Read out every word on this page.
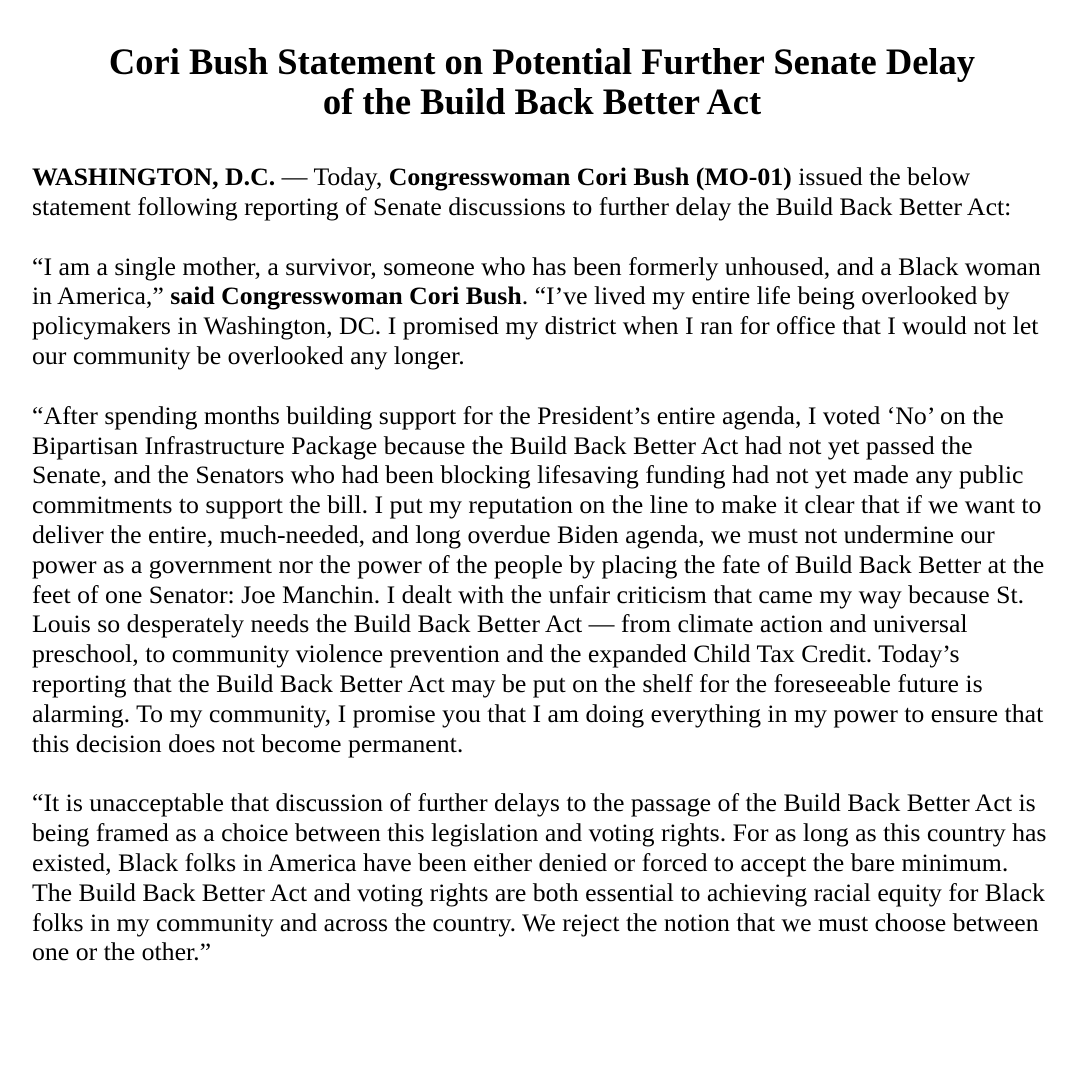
Cori Bush Statement on Potential Further Senate Delay
of the Build Back Better Act

WASHINGTON, D.C. — Today, Congresswoman Cori Bush (MO-01) issued the below statement following reporting of Senate discussions to further delay the Build Back Better Act:

“I am a single mother, a survivor, someone who has been formerly unhoused, and a Black woman in America,” said Congresswoman Cori Bush. “I’ve lived my entire life being overlooked by policymakers in Washington, DC. I promised my district when I ran for office that I would not let our community be overlooked any longer.

“After spending months building support for the President’s entire agenda, I voted ‘No’ on the Bipartisan Infrastructure Package because the Build Back Better Act had not yet passed the Senate, and the Senators who had been blocking lifesaving funding had not yet made any public commitments to support the bill. I put my reputation on the line to make it clear that if we want to deliver the entire, much-needed, and long overdue Biden agenda, we must not undermine our power as a government nor the power of the people by placing the fate of Build Back Better at the feet of one Senator: Joe Manchin. I dealt with the unfair criticism that came my way because St. Louis so desperately needs the Build Back Better Act — from climate action and universal preschool, to community violence prevention and the expanded Child Tax Credit. Today’s reporting that the Build Back Better Act may be put on the shelf for the foreseeable future is alarming. To my community, I promise you that I am doing everything in my power to ensure that this decision does not become permanent.

“It is unacceptable that discussion of further delays to the passage of the Build Back Better Act is being framed as a choice between this legislation and voting rights. For as long as this country has existed, Black folks in America have been either denied or forced to accept the bare minimum. The Build Back Better Act and voting rights are both essential to achieving racial equity for Black folks in my community and across the country. We reject the notion that we must choose between one or the other.”
